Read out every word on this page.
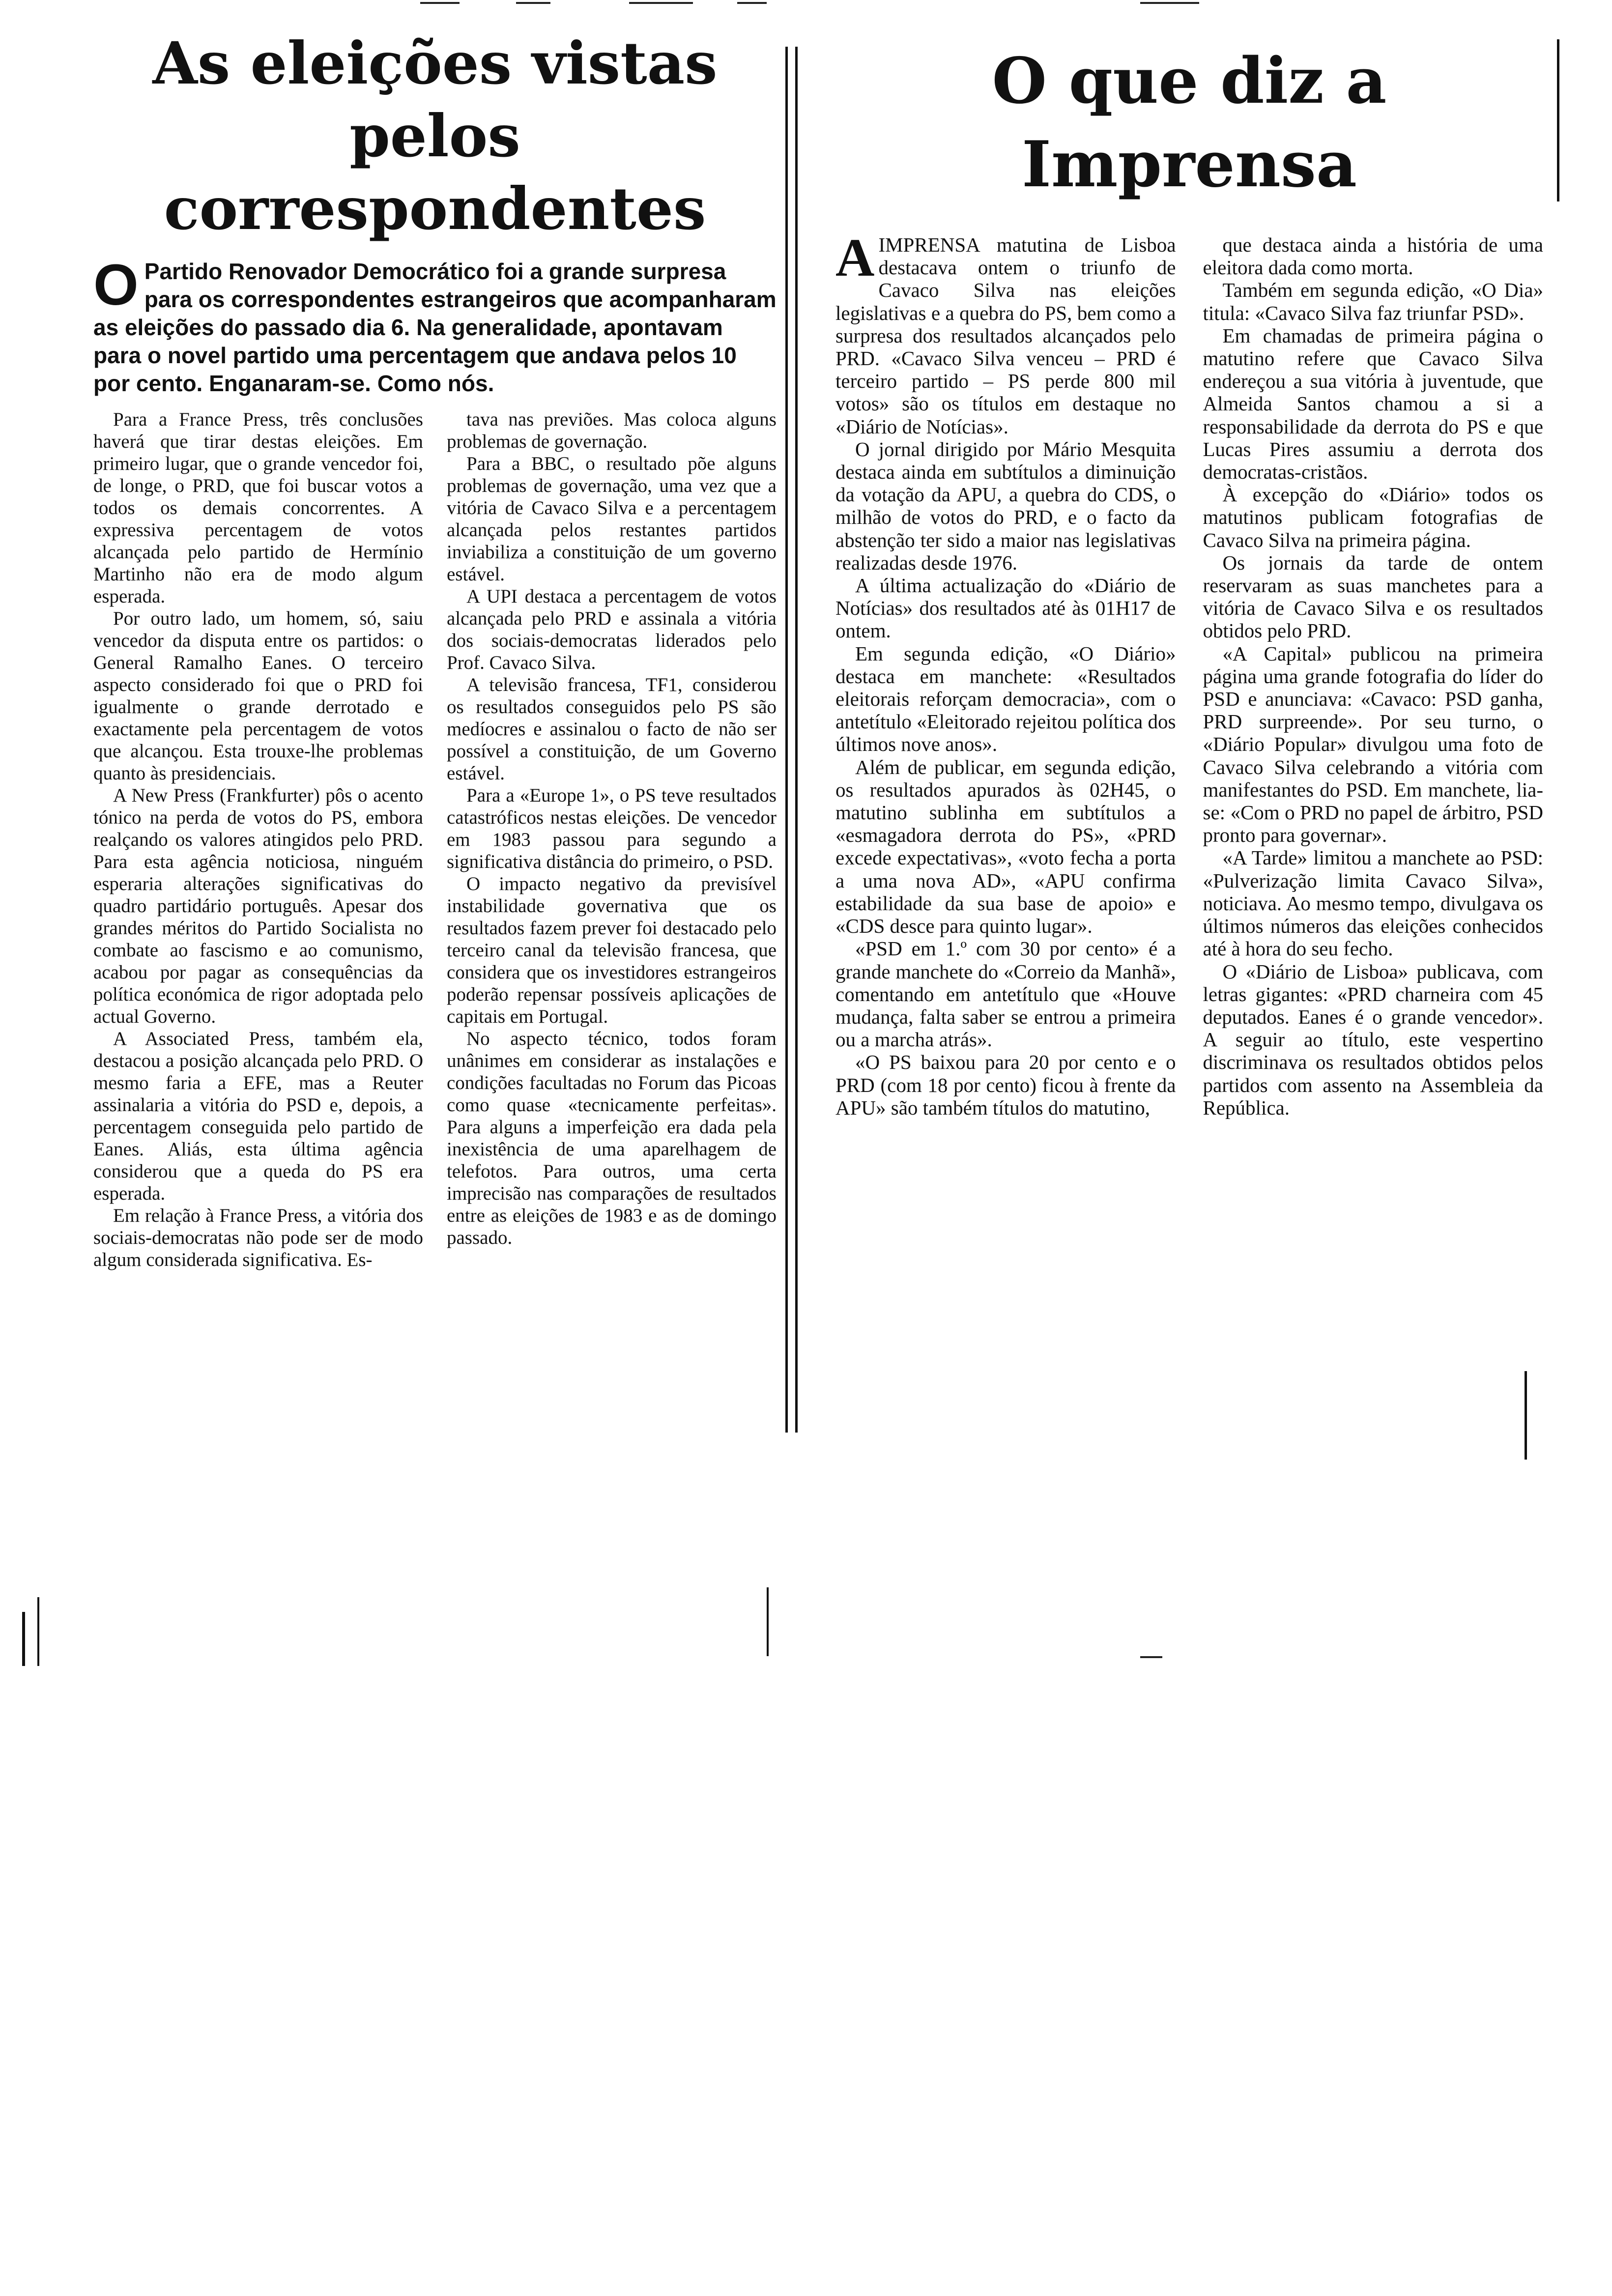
As eleições vistas pelos correspondentes
O Partido Renovador Democrático foi a grande surpresa para os correspondentes estrangeiros que acompanharam as eleições do passado dia 6. Na generalidade, apontavam para o novel partido uma percentagem que andava pelos 10 por cento. Enganaram-se. Como nós.

Para a France Press, três conclusões haverá que tirar destas eleições. Em primeiro lugar, que o grande vencedor foi, de longe, o PRD, que foi buscar votos a todos os demais concorrentes. A expressiva percentagem de votos alcançada pelo partido de Hermínio Martinho não era de modo algum esperada.

Por outro lado, um homem, só, saiu vencedor da disputa entre os partidos: o General Ramalho Eanes. O terceiro aspecto considerado foi que o PRD foi igualmente o grande derrotado e exactamente pela percentagem de votos que alcançou. Esta trouxe-lhe problemas quanto às presidenciais.

A New Press (Frankfurter) pôs o acento tónico na perda de votos do PS, embora realçando os valores atingidos pelo PRD. Para esta agência noticiosa, ninguém esperaria alterações significativas do quadro partidário português. Apesar dos grandes méritos do Partido Socialista no combate ao fascismo e ao comunismo, acabou por pagar as consequências da política económica de rigor adoptada pelo actual Governo.

A Associated Press, também ela, destacou a posição alcançada pelo PRD. O mesmo faria a EFE, mas a Reuter assinalaria a vitória do PSD e, depois, a percentagem conseguida pelo partido de Eanes. Aliás, esta última agência considerou que a queda do PS era esperada.

Em relação à France Press, a vitória dos sociais-democratas não pode ser de modo algum considerada significativa. Es-

tava nas previões. Mas coloca alguns problemas de governação.

Para a BBC, o resultado põe alguns problemas de governação, uma vez que a vitória de Cavaco Silva e a percentagem alcançada pelos restantes partidos inviabiliza a constituição de um governo estável.

A UPI destaca a percentagem de votos alcançada pelo PRD e assinala a vitória dos sociais-democratas liderados pelo Prof. Cavaco Silva.

A televisão francesa, TF1, considerou os resultados conseguidos pelo PS são medíocres e assinalou o facto de não ser possível a constituição, de um Governo estável.

Para a «Europe 1», o PS teve resultados catastróficos nestas eleições. De vencedor em 1983 passou para segundo a significativa distância do primeiro, o PSD.

O impacto negativo da previsível instabilidade governativa que os resultados fazem prever foi destacado pelo terceiro canal da televisão francesa, que considera que os investidores estrangeiros poderão repensar possíveis aplicações de capitais em Portugal.

No aspecto técnico, todos foram unânimes em considerar as instalações e condições facultadas no Forum das Picoas como quase «tecnicamente perfeitas». Para alguns a imperfeição era dada pela inexistência de uma aparelhagem de telefotos. Para outros, uma certa imprecisão nas comparações de resultados entre as eleições de 1983 e as de domingo passado.

O que diz a Imprensa

AIMPRENSA matutina de Lisboa destacava ontem o triunfo de Cavaco Silva nas eleições legislativas e a quebra do PS, bem como a surpresa dos resultados alcançados pelo PRD. «Cavaco Silva venceu – PRD é terceiro partido – PS perde 800 mil votos» são os títulos em destaque no «Diário de Notícias».

O jornal dirigido por Mário Mesquita destaca ainda em subtítulos a diminuição da votação da APU, a quebra do CDS, o milhão de votos do PRD, e o facto da abstenção ter sido a maior nas legislativas realizadas desde 1976.

A última actualização do «Diário de Notícias» dos resultados até às 01H17 de ontem.

Em segunda edição, «O Diário» destaca em manchete: «Resultados eleitorais reforçam democracia», com o antetítulo «Eleitorado rejeitou política dos últimos nove anos».

Além de publicar, em segunda edição, os resultados apurados às 02H45, o matutino sublinha em subtítulos a «esmagadora derrota do PS», «PRD excede expectativas», «voto fecha a porta a uma nova AD», «APU confirma estabilidade da sua base de apoio» e «CDS desce para quinto lugar».

«PSD em 1.º com 30 por cento» é a grande manchete do «Correio da Manhã», comentando em antetítulo que «Houve mudança, falta saber se entrou a primeira ou a marcha atrás».

«O PS baixou para 20 por cento e o PRD (com 18 por cento) ficou à frente da APU» são também títulos do matutino,

que destaca ainda a história de uma eleitora dada como morta.

Também em segunda edição, «O Dia» titula: «Cavaco Silva faz triunfar PSD».

Em chamadas de primeira página o matutino refere que Cavaco Silva endereçou a sua vitória à juventude, que Almeida Santos chamou a si a responsabilidade da derrota do PS e que Lucas Pires assumiu a derrota dos democratas-cristãos.

À excepção do «Diário» todos os matutinos publicam fotografias de Cavaco Silva na primeira página.

Os jornais da tarde de ontem reservaram as suas manchetes para a vitória de Cavaco Silva e os resultados obtidos pelo PRD.

«A Capital» publicou na primeira página uma grande fotografia do líder do PSD e anunciava: «Cavaco: PSD ganha, PRD surpreende». Por seu turno, o «Diário Popular» divulgou uma foto de Cavaco Silva celebrando a vitória com manifestantes do PSD. Em manchete, lia-se: «Com o PRD no papel de árbitro, PSD pronto para governar».

«A Tarde» limitou a manchete ao PSD: «Pulverização limita Cavaco Silva», noticiava. Ao mesmo tempo, divulgava os últimos números das eleições conhecidos até à hora do seu fecho.

O «Diário de Lisboa» publicava, com letras gigantes: «PRD charneira com 45 deputados. Eanes é o grande vencedor». A seguir ao título, este vespertino discriminava os resultados obtidos pelos partidos com assento na Assembleia da República.
